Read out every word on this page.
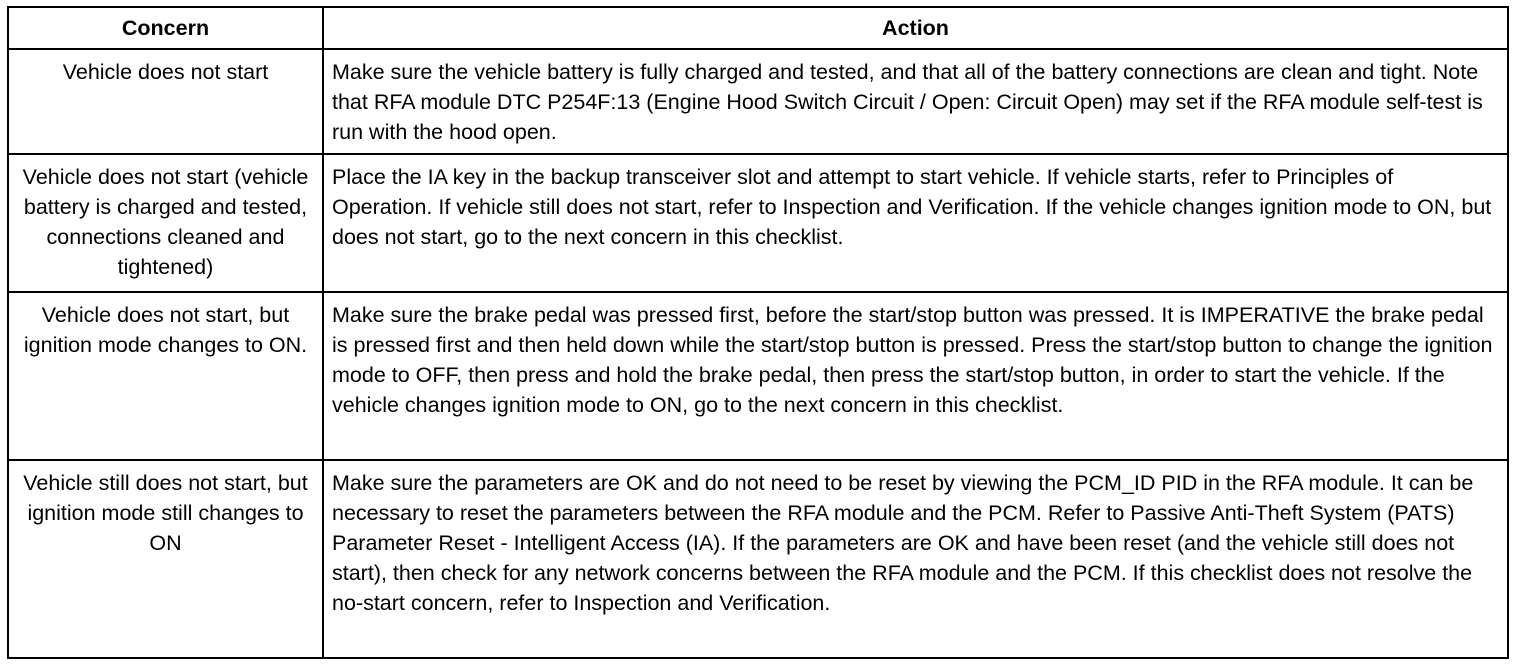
Concern	Action
Vehicle does not start	Make sure the vehicle battery is fully charged and tested, and that all of the battery connections are clean and tight. Note that RFA module DTC P254F:13 (Engine Hood Switch Circuit / Open: Circuit Open) may set if the RFA module self-test is run with the hood open.
Vehicle does not start (vehicle battery is charged and tested, connections cleaned and tightened)	Place the IA key in the backup transceiver slot and attempt to start vehicle. If vehicle starts, refer to Principles of Operation. If vehicle still does not start, refer to Inspection and Verification. If the vehicle changes ignition mode to ON, but does not start, go to the next concern in this checklist.
Vehicle does not start, but ignition mode changes to ON.	Make sure the brake pedal was pressed first, before the start/stop button was pressed. It is IMPERATIVE the brake pedal is pressed first and then held down while the start/stop button is pressed. Press the start/stop button to change the ignition mode to OFF, then press and hold the brake pedal, then press the start/stop button, in order to start the vehicle. If the vehicle changes ignition mode to ON, go to the next concern in this checklist.
Vehicle still does not start, but ignition mode still changes to ON	Make sure the parameters are OK and do not need to be reset by viewing the PCM_ID PID in the RFA module. It can be necessary to reset the parameters between the RFA module and the PCM. Refer to Passive Anti-Theft System (PATS) Parameter Reset - Intelligent Access (IA). If the parameters are OK and have been reset (and the vehicle still does not start), then check for any network concerns between the RFA module and the PCM. If this checklist does not resolve the no-start concern, refer to Inspection and Verification.
